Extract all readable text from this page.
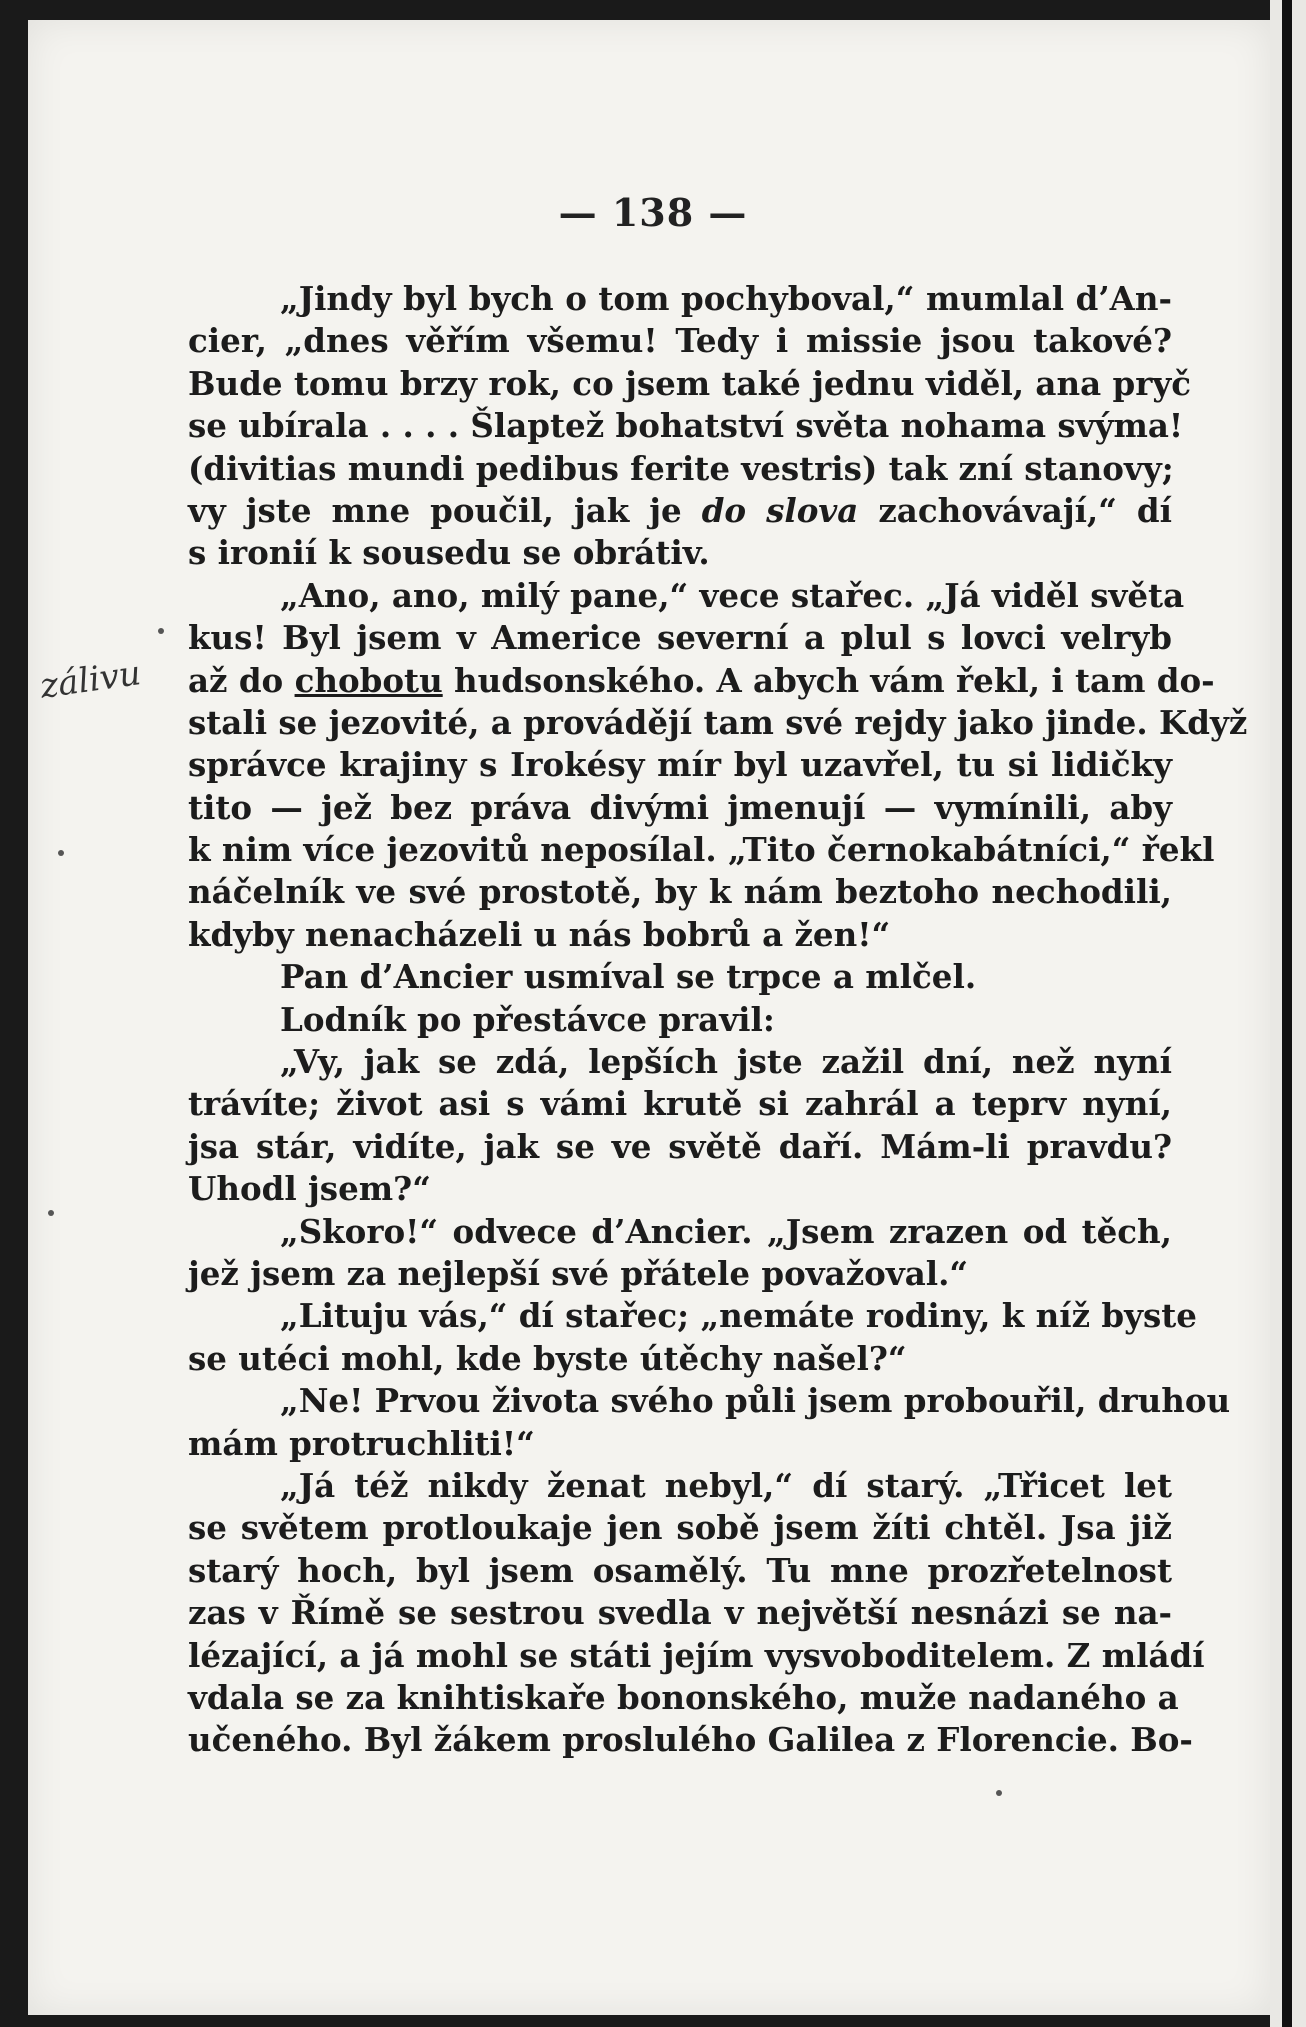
— 138 —
zálivu
„Jindy byl bych o tom pochyboval,“ mumlal d’An-
cier, „dnes věřím všemu! Tedy i missie jsou takové?
Bude tomu brzy rok, co jsem také jednu viděl, ana pryč
se ubírala . . . . Šlaptež bohatství světa nohama svýma!
(divitias mundi pedibus ferite vestris) tak zní stanovy;
vy jste mne poučil, jak je do slova zachovávají,“ dí
s ironií k sousedu se obrátiv.
„Ano, ano, milý pane,“ vece stařec. „Já viděl světa
kus! Byl jsem v Americe severní a plul s lovci velryb
až do chobotu hudsonského. A abych vám řekl, i tam do-
stali se jezovité, a provádějí tam své rejdy jako jinde. Když
správce krajiny s Irokésy mír byl uzavřel, tu si lidičky
tito — jež bez práva divými jmenují — vymínili, aby
k nim více jezovitů neposílal. „Tito černokabátníci,“ řekl
náčelník ve své prostotě, by k nám beztoho nechodili,
kdyby nenacházeli u nás bobrů a žen!“
Pan d’Ancier usmíval se trpce a mlčel.
Lodník po přestávce pravil:
„Vy, jak se zdá, lepších jste zažil dní, než nyní
trávíte; život asi s vámi krutě si zahrál a teprv nyní,
jsa stár, vidíte, jak se ve světě daří. Mám-li pravdu?
Uhodl jsem?“
„Skoro!“ odvece d’Ancier. „Jsem zrazen od těch,
jež jsem za nejlepší své přátele považoval.“
„Lituju vás,“ dí stařec; „nemáte rodiny, k níž byste
se utéci mohl, kde byste útěchy našel?“
„Ne! Prvou života svého půli jsem probouřil, druhou
mám protruchliti!“
„Já též nikdy ženat nebyl,“ dí starý. „Třicet let
se světem protloukaje jen sobě jsem žíti chtěl. Jsa již
starý hoch, byl jsem osamělý. Tu mne prozřetelnost
zas v Římě se sestrou svedla v největší nesnázi se na-
lézající, a já mohl se státi jejím vysvoboditelem. Z mládí
vdala se za knihtiskaře bononského, muže nadaného a
učeného. Byl žákem proslulého Galilea z Florencie. Bo-
